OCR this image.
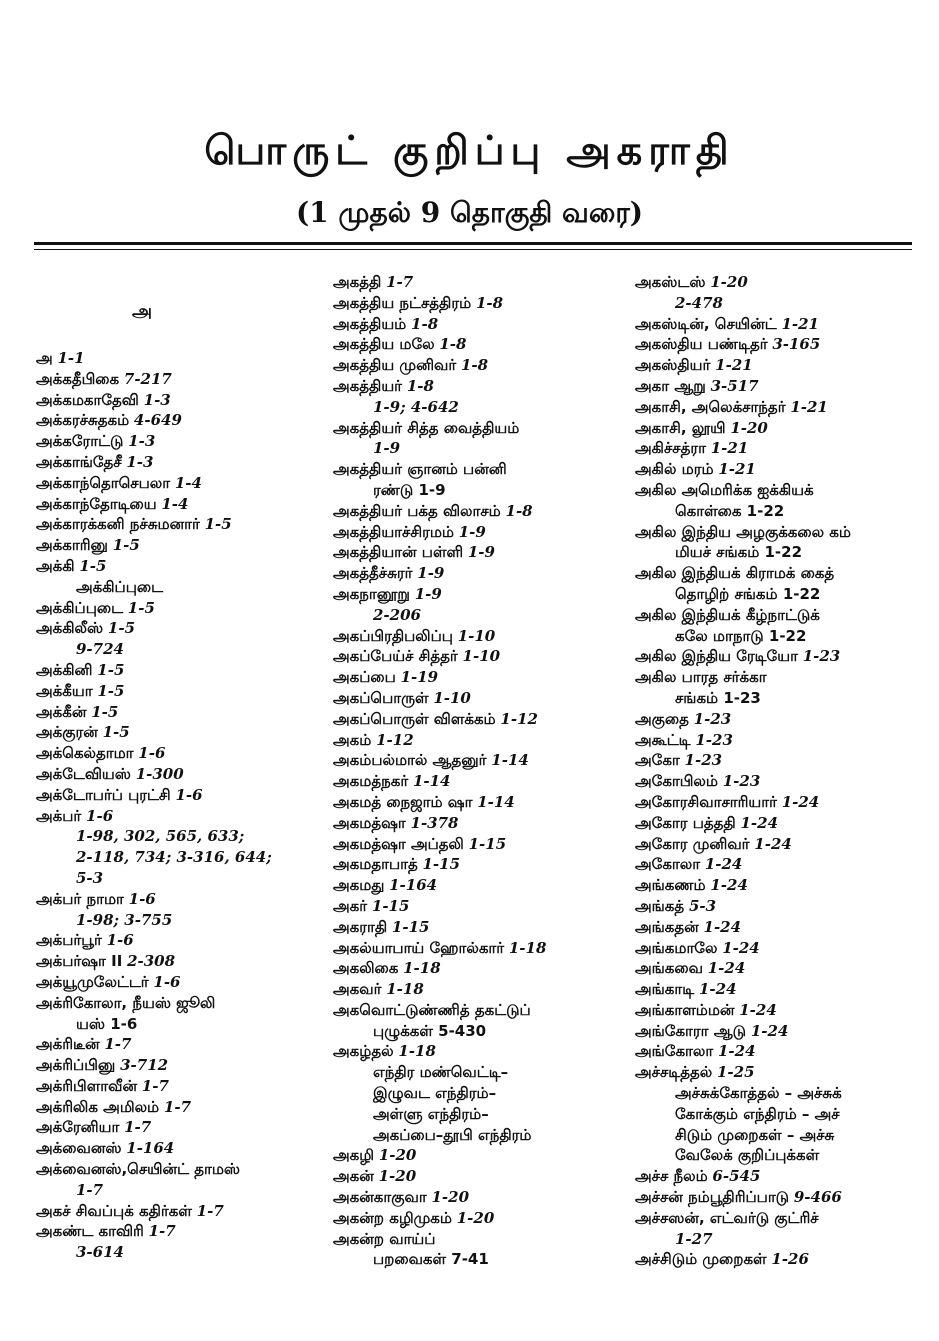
பொருட் குறிப்பு அகராதி
(1 முதல் 9 தொகுதி வரை)
அ
அ 1-1
அக்கதீபிகை 7-217
அக்கமகாதேவி 1-3
அக்கரச்சுதகம் 4-649
அக்கரோட்டு 1-3
அக்காங்தேசீ 1-3
அக்காந்தொசெபலா 1-4
அக்காந்தோடியை 1-4
அக்காரக்கனி நச்சுமனார் 1-5
அக்காரினு 1-5
அக்கி 1-5
அக்கிப்புடை
அக்கிப்புடை 1-5
அக்கிலீஸ் 1-5
9-724
அக்கினி 1-5
அக்கீயா 1-5
அக்கீன் 1-5
அக்குரன் 1-5
அக்கெல்தாமா 1-6
அக்டேவியஸ் 1-300
அக்டோபர்ப் புரட்சி 1-6
அக்பர் 1-6
1-98, 302, 565, 633;
2-118, 734; 3-316, 644;
5-3
அக்பர் நாமா 1-6
1-98; 3-755
அக்பர்பூர் 1-6
அக்பர்ஷா II 2-308
அக்யூமுலேட்டர் 1-6
அக்ரிகோலா, நீயஸ் ஜூலி
யஸ் 1-6
அக்ரிடீன் 1-7
அக்ரிப்பினு 3-712
அக்ரிபிளாவீன் 1-7
அக்ரிலிக அமிலம் 1-7
அக்ரேனியா 1-7
அக்வைனஸ் 1-164
அக்வைனஸ்,செயின்ட் தாமஸ்
1-7
அகச் சிவப்புக் கதிர்கள் 1-7
அகண்ட காவிரி 1-7
3-614
அகத்தி 1-7
அகத்திய நட்சத்திரம் 1-8
அகத்தியம் 1-8
அகத்திய மலே 1-8
அகத்திய முனிவர் 1-8
அகத்தியர் 1-8
1-9; 4-642
அகத்தியர் சித்த வைத்தியம்
1-9
அகத்தியர் ஞானம் பன்னி
ரண்டு 1-9
அகத்தியர் பக்த விலாசம் 1-8
அகத்தியாச்சிரமம் 1-9
அகத்தியான் பள்ளி 1-9
அகத்தீச்சுரர் 1-9
அகநானூறு 1-9
2-206
அகப்பிரதிபலிப்பு 1-10
அகப்பேய்ச் சித்தர் 1-10
அகப்பை 1-19
அகப்பொருள் 1-10
அகப்பொருள் விளக்கம் 1-12
அகம் 1-12
அகம்பல்மால் ஆதனுர் 1-14
அகமத்நகர் 1-14
அகமத் நைஜாம் ஷா 1-14
அகமத்ஷா 1-378
அகமத்ஷா அப்தலி 1-15
அகமதாபாத் 1-15
அகமது 1-164
அகர் 1-15
அகராதி 1-15
அகல்யாபாய் ஹோல்கார் 1-18
அகலிகை 1-18
அகவர் 1-18
அகவொட்டுண்ணித் தகட்டுப்
புழுக்கள் 5-430
அகழ்தல் 1-18
எந்திர மண்வெட்டி–
இழுவட எந்திரம்–
அள்ளு எந்திரம்–
அகப்பை–தூபி எந்திரம்
அகழி 1-20
அகன் 1-20
அகன்காகுவா 1-20
அகன்ற கழிமுகம் 1-20
அகன்ற வாய்ப்
பறவைகள் 7-41
அகஸ்டஸ் 1-20
2-478
அகஸ்டின், செயின்ட் 1-21
அகஸ்திய பண்டிதர் 3-165
அகஸ்தியர் 1-21
அகா ஆறு 3-517
அகாசி, அலெக்சாந்தர் 1-21
அகாசி, லூயி 1-20
அகிச்சத்ரா 1-21
அகில் மரம் 1-21
அகில அமெரிக்க ஐக்கியக்
கொள்கை 1-22
அகில இந்திய அழகுக்கலை கம்
மியச் சங்கம் 1-22
அகில இந்தியக் கிராமக் கைத்
தொழிற் சங்கம் 1-22
அகில இந்தியக் கீழ்நாட்டுக்
கலே மாநாடு 1-22
அகில இந்திய ரேடியோ 1-23
அகில பாரத சர்க்கா
சங்கம் 1-23
அகுதை 1-23
அகூட்டி 1-23
அகோ 1-23
அகோபிலம் 1-23
அகோரசிவாசாரியார் 1-24
அகோர பத்ததி 1-24
அகோர முனிவர் 1-24
அகோலா 1-24
அங்கணம் 1-24
அங்கத் 5-3
அங்கதன் 1-24
அங்கமாலே 1-24
அங்கவை 1-24
அங்காடி 1-24
அங்காளம்மன் 1-24
அங்கோரா ஆடு 1-24
அங்கோலா 1-24
அச்சடித்தல் 1-25
அச்சுக்கோத்தல் – அச்சுக்
கோக்கும் எந்திரம் – அச்
சிடும் முறைகள் – அச்சு
வேலேக் குறிப்புக்கள்
அச்ச நீலம் 6-545
அச்சன் நம்பூதிரிப்பாடு 9-466
அச்சஸன், எட்வர்டு குட்ரிச்
1-27
அச்சிடும் முறைகள் 1-26
